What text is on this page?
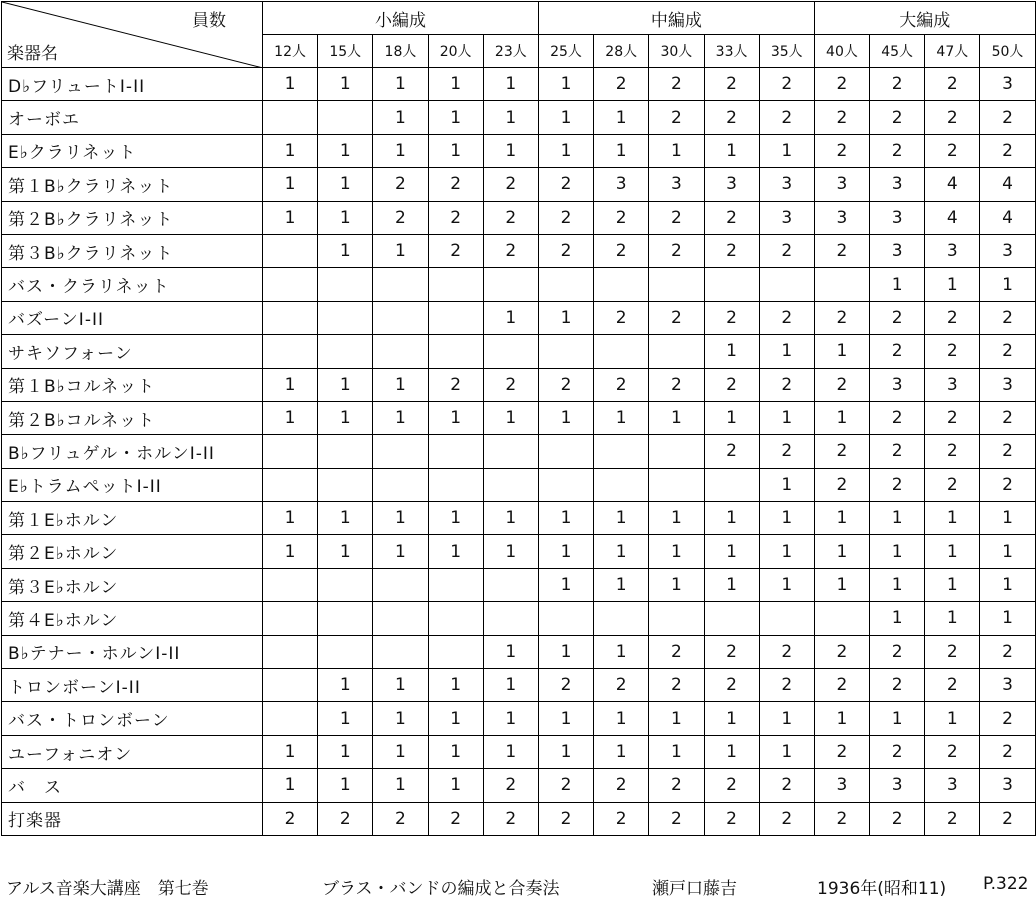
員数
楽器名	小編成					中編成					大編成			
	12人	15人	18人	20人	23人	25人	28人	30人	33人	35人	40人	45人	47人	50人
D♭フリュートI-II	1	1	1	1	1	1	2	2	2	2	2	2	2	3
オーボエ			1	1	1	1	1	2	2	2	2	2	2	2
E♭クラリネット	1	1	1	1	1	1	1	1	1	1	2	2	2	2
第１B♭クラリネット	1	1	2	2	2	2	3	3	3	3	3	3	4	4
第２B♭クラリネット	1	1	2	2	2	2	2	2	2	3	3	3	4	4
第３B♭クラリネット		1	1	2	2	2	2	2	2	2	2	3	3	3
バス・クラリネット												1	1	1
バズーンI-II					1	1	2	2	2	2	2	2	2	2
サキソフォーン									1	1	1	2	2	2
第１B♭コルネット	1	1	1	2	2	2	2	2	2	2	2	3	3	3
第２B♭コルネット	1	1	1	1	1	1	1	1	1	1	1	2	2	2
B♭フリュゲル・ホルンI-II									2	2	2	2	2	2
E♭トラムペットI-II										1	2	2	2	2
第１E♭ホルン	1	1	1	1	1	1	1	1	1	1	1	1	1	1
第２E♭ホルン	1	1	1	1	1	1	1	1	1	1	1	1	1	1
第３E♭ホルン						1	1	1	1	1	1	1	1	1
第４E♭ホルン												1	1	1
B♭テナー・ホルンI-II					1	1	1	2	2	2	2	2	2	2
トロンボーンI-II		1	1	1	1	2	2	2	2	2	2	2	2	3
バス・トロンボーン		1	1	1	1	1	1	1	1	1	1	1	1	2
ユーフォニオン	1	1	1	1	1	1	1	1	1	1	2	2	2	2
バ　ス	1	1	1	1	2	2	2	2	2	2	3	3	3	3
打楽器	2	2	2	2	2	2	2	2	2	2	2	2	2	2
アルス音楽大講座　第七巻	ブラス・バンドの編成と合奏法	瀬戸口藤吉	1936年(昭和11) P.322
